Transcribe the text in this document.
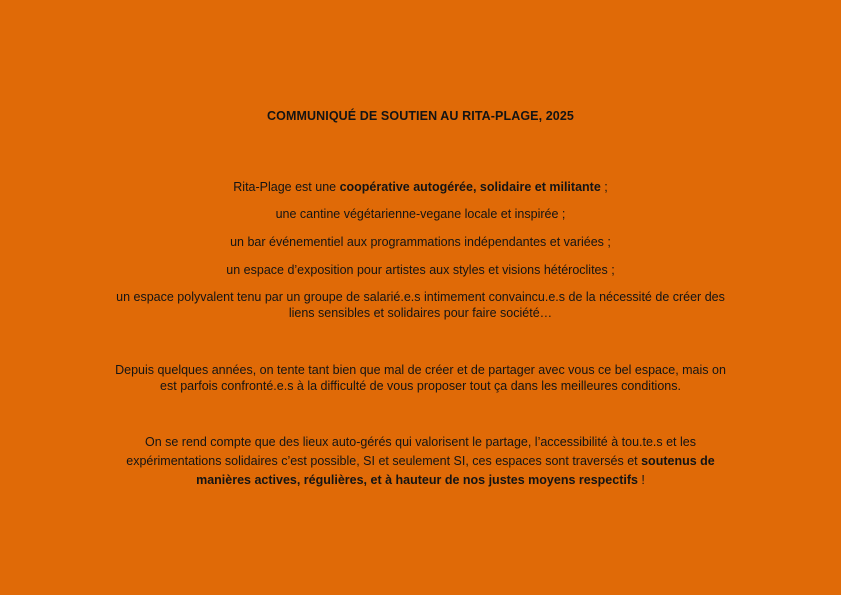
COMMUNIQUÉ DE SOUTIEN AU RITA-PLAGE, 2025
Rita-Plage est une coopérative autogérée, solidaire et militante ;
une cantine végétarienne-vegane locale et inspirée ;
un bar événementiel aux programmations indépendantes et variées ;
un espace d’exposition pour artistes aux styles et visions hétéroclites ;
un espace polyvalent tenu par un groupe de salarié.e.s intimement convaincu.e.s de la nécessité de créer des
liens sensibles et solidaires pour faire société…
Depuis quelques années, on tente tant bien que mal de créer et de partager avec vous ce bel espace, mais on
est parfois confronté.e.s à la difficulté de vous proposer tout ça dans les meilleures conditions.
On se rend compte que des lieux auto-gérés qui valorisent le partage, l’accessibilité à tou.te.s et les
expérimentations solidaires c’est possible, SI et seulement SI, ces espaces sont traversés et soutenus de
manières actives, régulières, et à hauteur de nos justes moyens respectifs !
